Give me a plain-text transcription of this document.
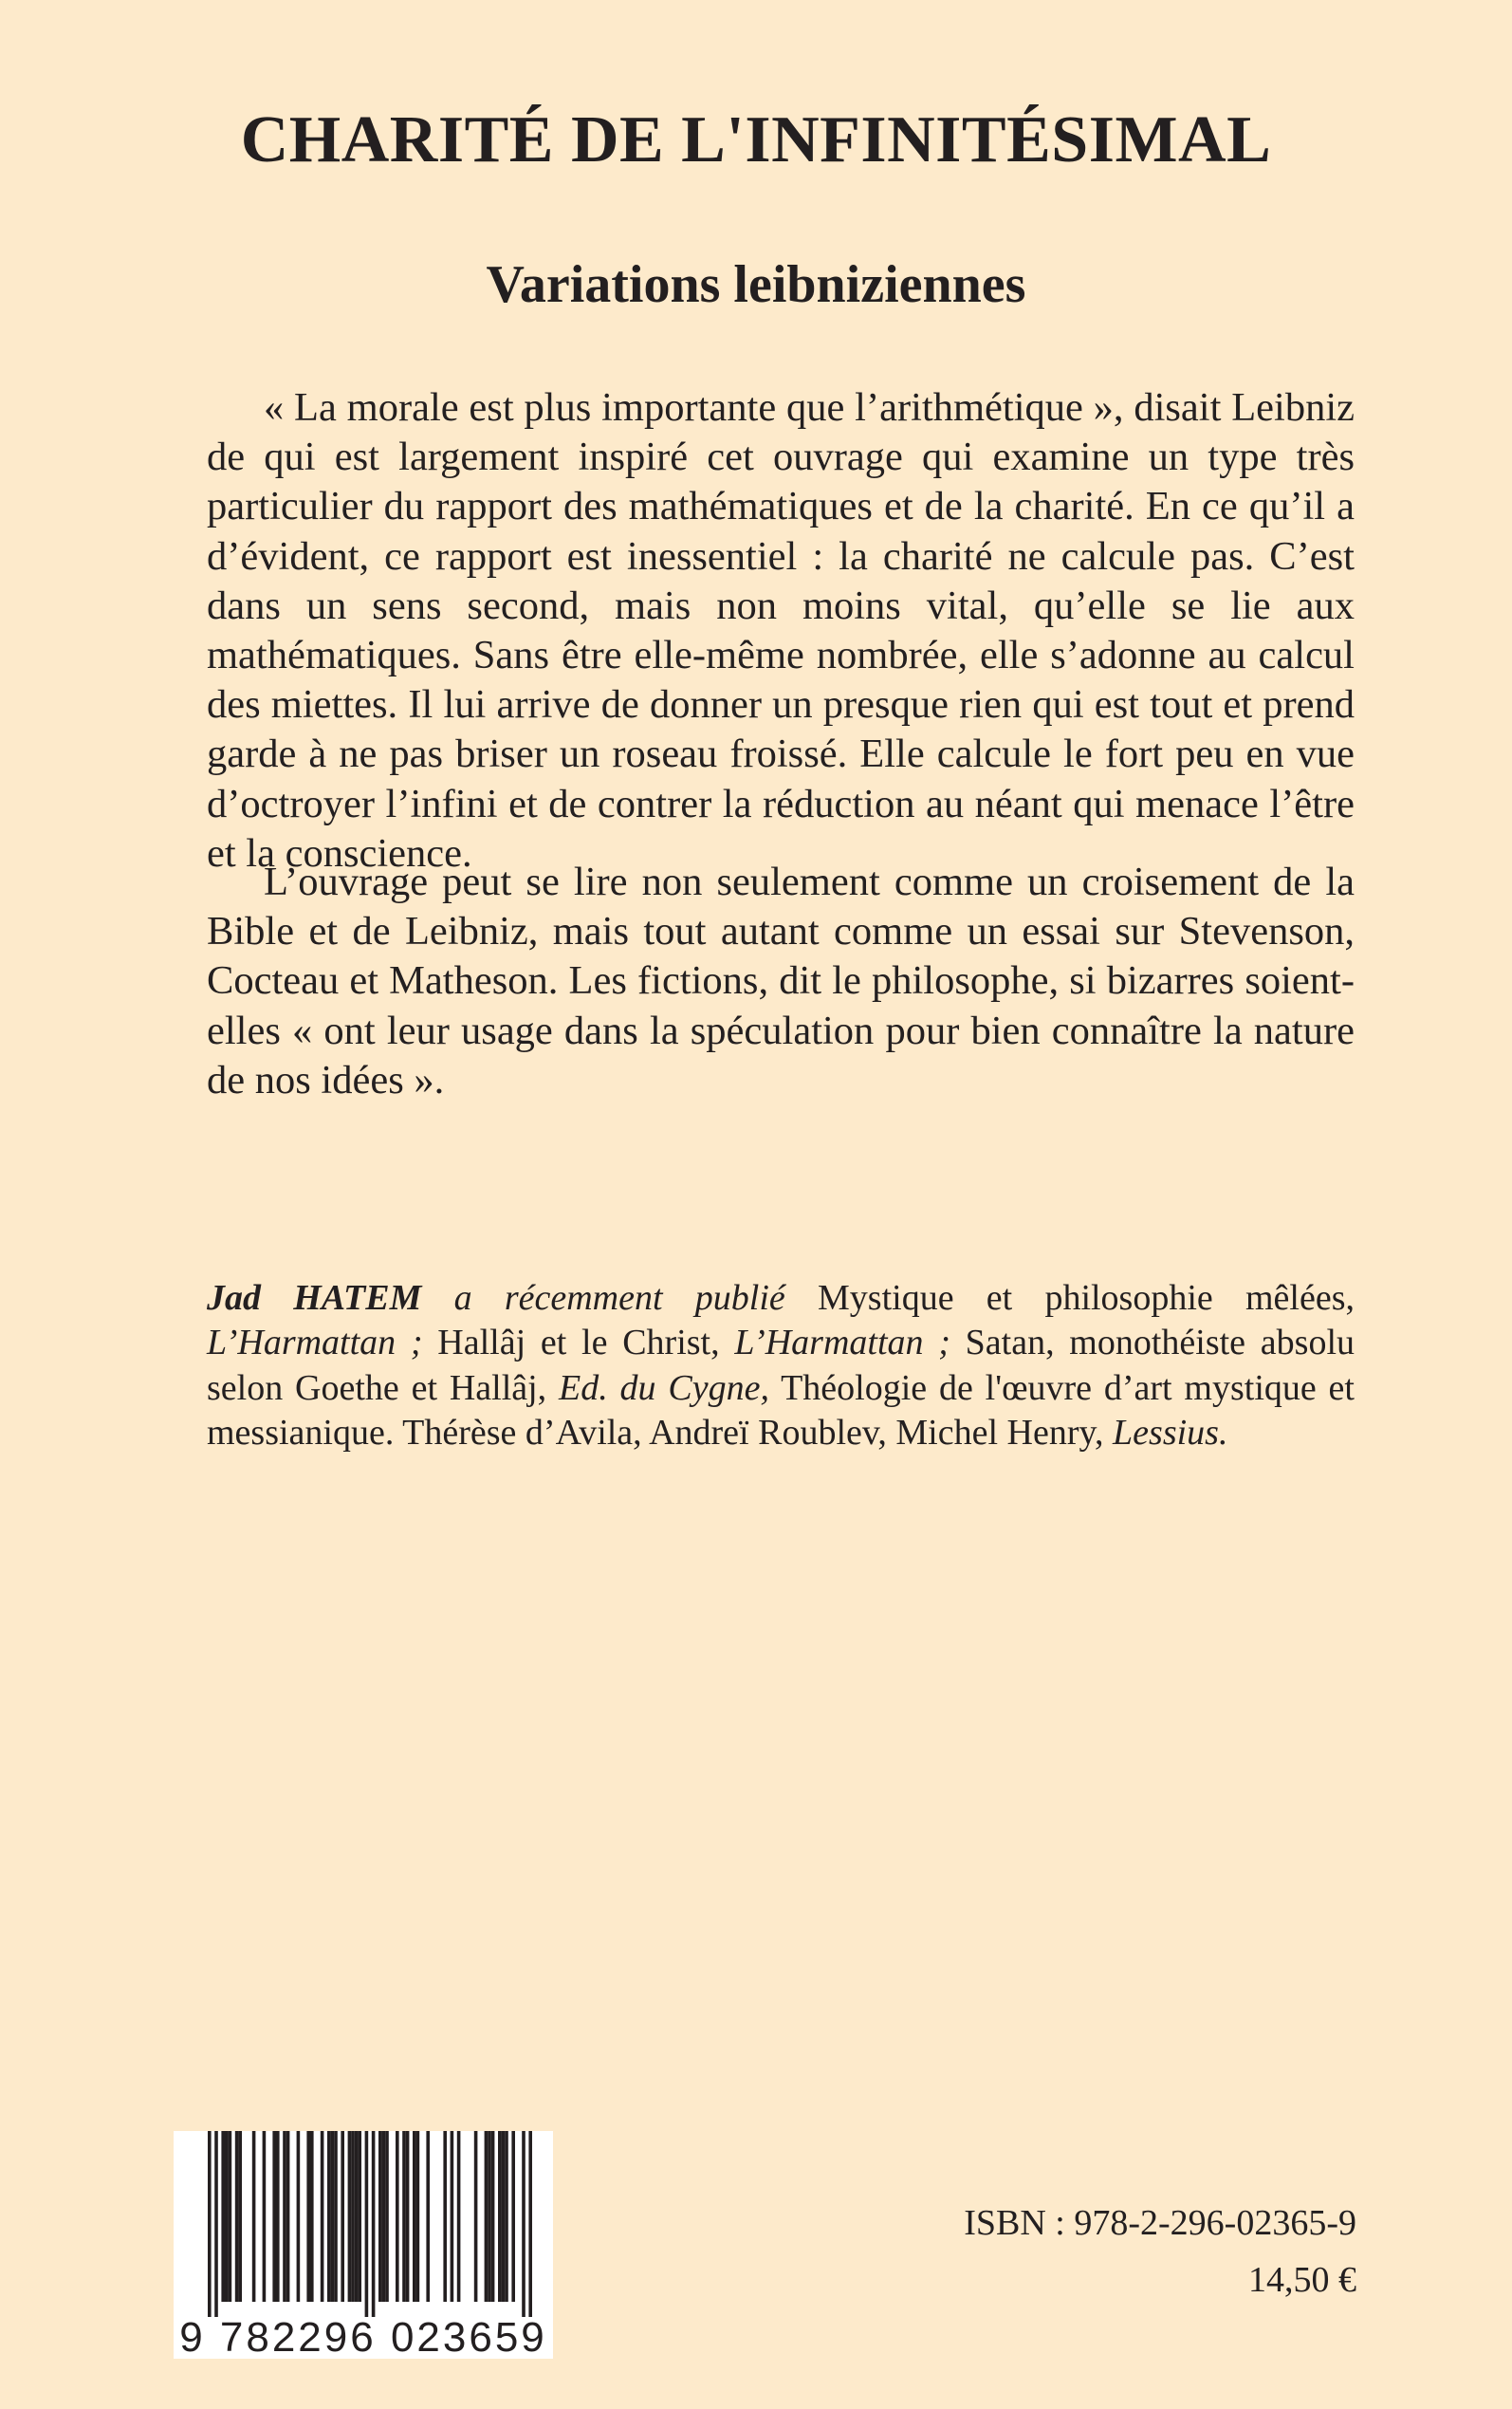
CHARITÉ DE L'INFINITÉSIMAL
Variations leibniziennes

« La morale est plus importante que l’arithmétique », disait Leibniz de qui est largement inspiré cet ouvrage qui examine un type très particulier du rapport des mathématiques et de la charité. En ce qu’il a d’évident, ce rapport est inessentiel : la charité ne calcule pas. C’est dans un sens second, mais non moins vital, qu’elle se lie aux mathématiques. Sans être elle-même nombrée, elle s’adonne au calcul des miettes. Il lui arrive de donner un presque rien qui est tout et prend garde à ne pas briser un roseau froissé. Elle calcule le fort peu en vue d’octroyer l’infini et de contrer la réduction au néant qui menace l’être et la conscience.

L’ouvrage peut se lire non seulement comme un croisement de la Bible et de Leibniz, mais tout autant comme un essai sur Stevenson, Cocteau et Matheson. Les fictions, dit le philosophe, si bizarres soient-elles « ont leur usage dans la spéculation pour bien connaître la nature de nos idées ».

Jad HATEM a récemment publié Mystique et philosophie mêlées, L’Harmattan ; Hallâj et le Christ, L’Harmattan ; Satan, monothéiste absolu selon Goethe et Hallâj, Ed. du Cygne, Théologie de l'œuvre d’art mystique et messianique. Thérèse d’Avila, Andreï Roublev, Michel Henry, Lessius.

9 782296 023659

ISBN : 978-2-296-02365-9

14,50 €
